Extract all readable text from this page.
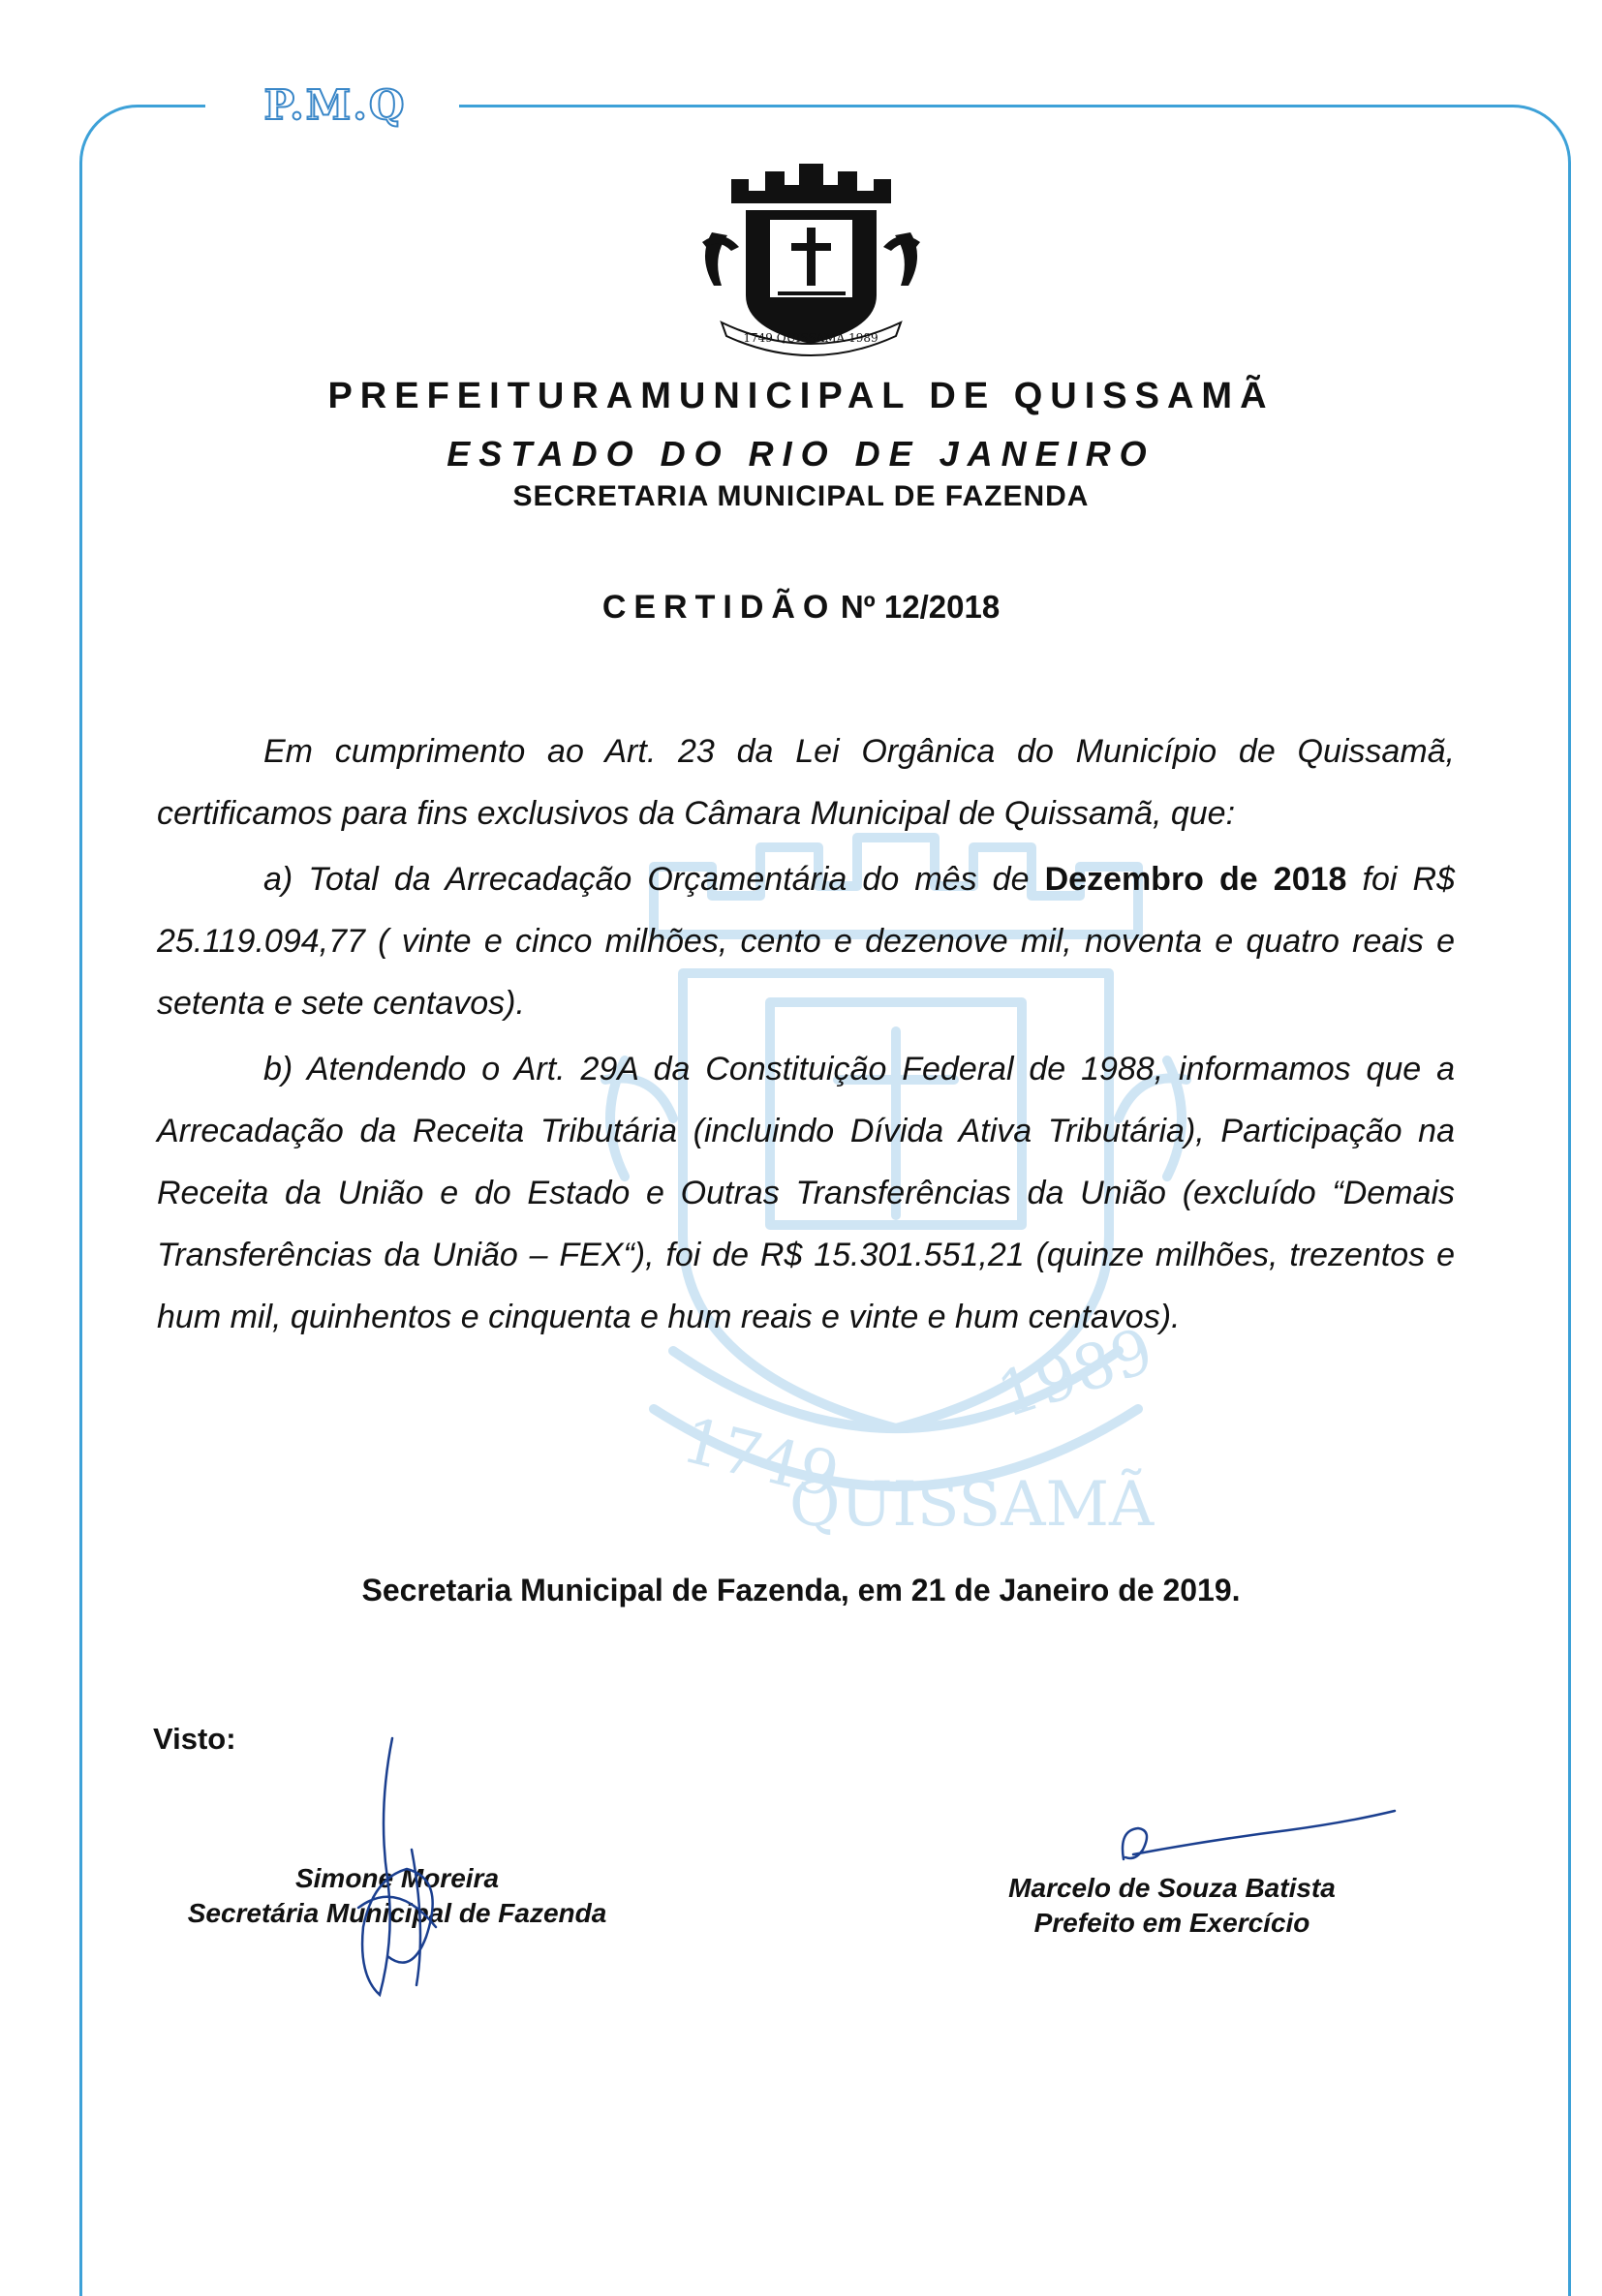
P.M.Q
1749
1989
QUISSAMÃ
1749 QUISSAMÃ 1989
PREFEITURAMUNICIPAL DE QUISSAMÃ
ESTADO DO RIO DE JANEIRO
SECRETARIA MUNICIPAL DE FAZENDA
CERTIDÃO Nº 12/2018

Em cumprimento ao Art. 23 da Lei Orgânica do Município de Quissamã, certificamos para fins exclusivos da Câmara Municipal de Quissamã, que:

a) Total da Arrecadação Orçamentária do mês de Dezembro de 2018 foi R$ 25.119.094,77 ( vinte e cinco milhões, cento e dezenove mil, noventa e quatro reais e setenta e sete centavos).

b) Atendendo o Art. 29A da Constituição Federal de 1988, informamos que a Arrecadação da Receita Tributária (incluindo Dívida Ativa Tributária), Participação na Receita da União e do Estado e Outras Transferências da União (excluído “Demais Transferências da União – FEX“), foi de R$ 15.301.551,21 (quinze milhões, trezentos e hum mil, quinhentos e cinquenta e hum reais e vinte e hum centavos).

Secretaria Municipal de Fazenda, em 21 de Janeiro de 2019.
Visto:
Simone Moreira
Secretária Municipal de Fazenda
Marcelo de Souza Batista
Prefeito em Exercício
